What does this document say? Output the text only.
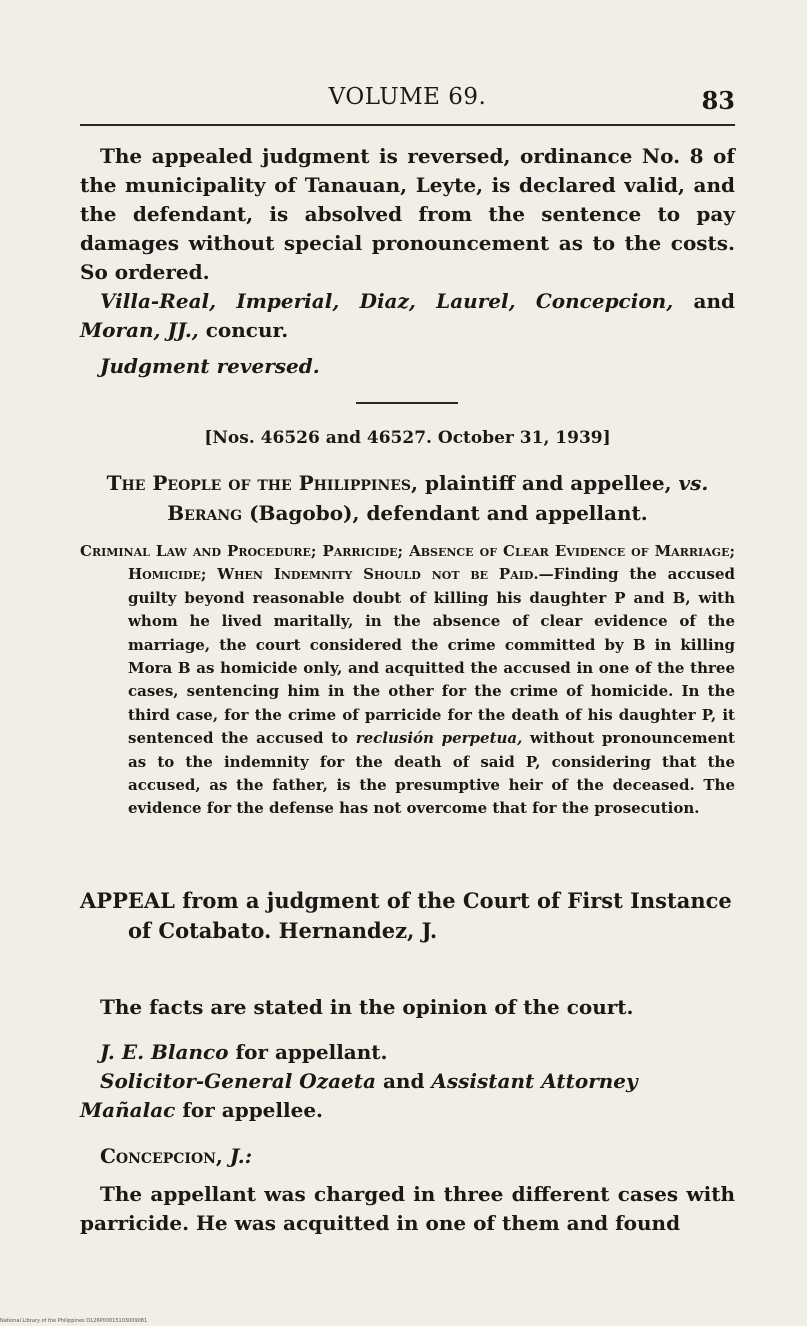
VOLUME 69.	83

The appealed judgment is reversed, ordinance No. 8 of the municipality of Tanauan, Leyte, is declared valid, and the defendant, is absolved from the sentence to pay damages without special pronouncement as to the costs. So ordered.

Villa-Real, Imperial, Diaz, Laurel, Concepcion, and Moran, JJ., concur.

Judgment reversed.

[Nos. 46526 and 46527. October 31, 1939]
The People of the Philippines, plaintiff and appellee, vs.
Berang (Bagobo), defendant and appellant.
Criminal Law and Procedure; Parricide; Absence of Clear Evidence of Marriage; Homicide; When Indemnity Should not be Paid.—Finding the accused guilty beyond reasonable doubt of killing his daughter P and B, with whom he lived maritally, in the absence of clear evidence of the marriage, the court considered the crime committed by B in killing Mora B as homicide only, and acquitted the accused in one of the three cases, sentencing him in the other for the crime of homicide. In the third case, for the crime of parricide for the death of his daughter P, it sentenced the accused to reclusión perpetua, without pronouncement as to the indemnity for the death of said P, considering that the accused, as the father, is the presumptive heir of the deceased. The evidence for the defense has not overcome that for the prosecution.
APPEAL from a judgment of the Court of First Instance of Cotabato. Hernandez, J.

The facts are stated in the opinion of the court.

J. E. Blanco for appellant.

Solicitor-General Ozaeta and Assistant Attorney Mañalac for appellee.

Concepcion, J.:

The appellant was charged in three different cases with parricide. He was acquitted in one of them and found

National Library of the Philippines D126P00015103009081
